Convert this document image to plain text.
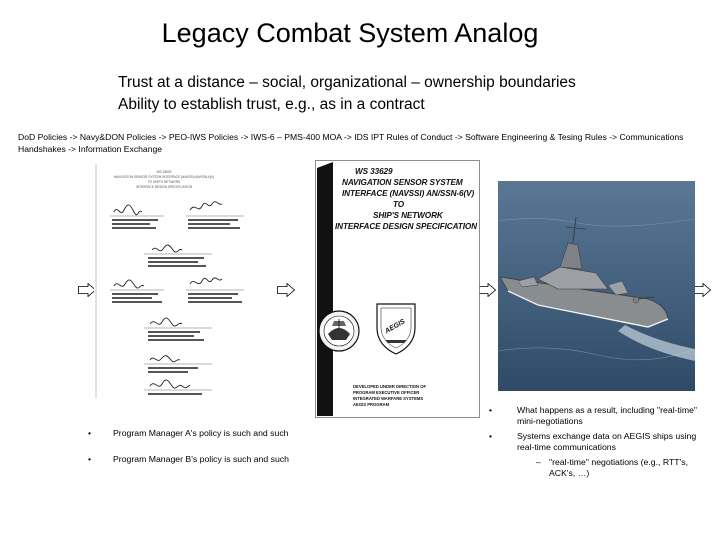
Legacy Combat System Analog
Trust at a distance – social, organizational – ownership boundaries
Ability to establish trust, e.g., as in a contract
DoD Policies -> Navy&DON Policies -> PEO-IWS Policies -> IWS-6 – PMS-400 MOA -> IDS IPT Rules of Conduct -> Software Engineering & Tesing Rules -> Communications Handshakes -> Information Exchange
WS 33629
NAVIGATION SENSOR SYSTEM INTERFACE (NAVSSI) AN/SSN-6(V)
TO SHIP'S NETWORK
INTERFACE DESIGN SPECIFICATION
WS 33629
NAVIGATION SENSOR SYSTEM
INTERFACE (NAVSSI) AN/SSN-6(V)
TO
SHIP'S NETWORK
INTERFACE DESIGN SPECIFICATION
AEGIS
DEVELOPED UNDER DIRECTION OF
PROGRAM EXECUTIVE OFFICER
INTEGRATED WARFARE SYSTEMS
AEGIS PROGRAM
•	Program Manager A's policy is such and such
•	Program Manager B's policy is such and such
•	What happens as a result, including "real-time" mini-negotiations
•	Systems exchange data on AEGIS ships using real-time communications
– "real-time" negotiations (e.g., RTT's, ACK's, …)
